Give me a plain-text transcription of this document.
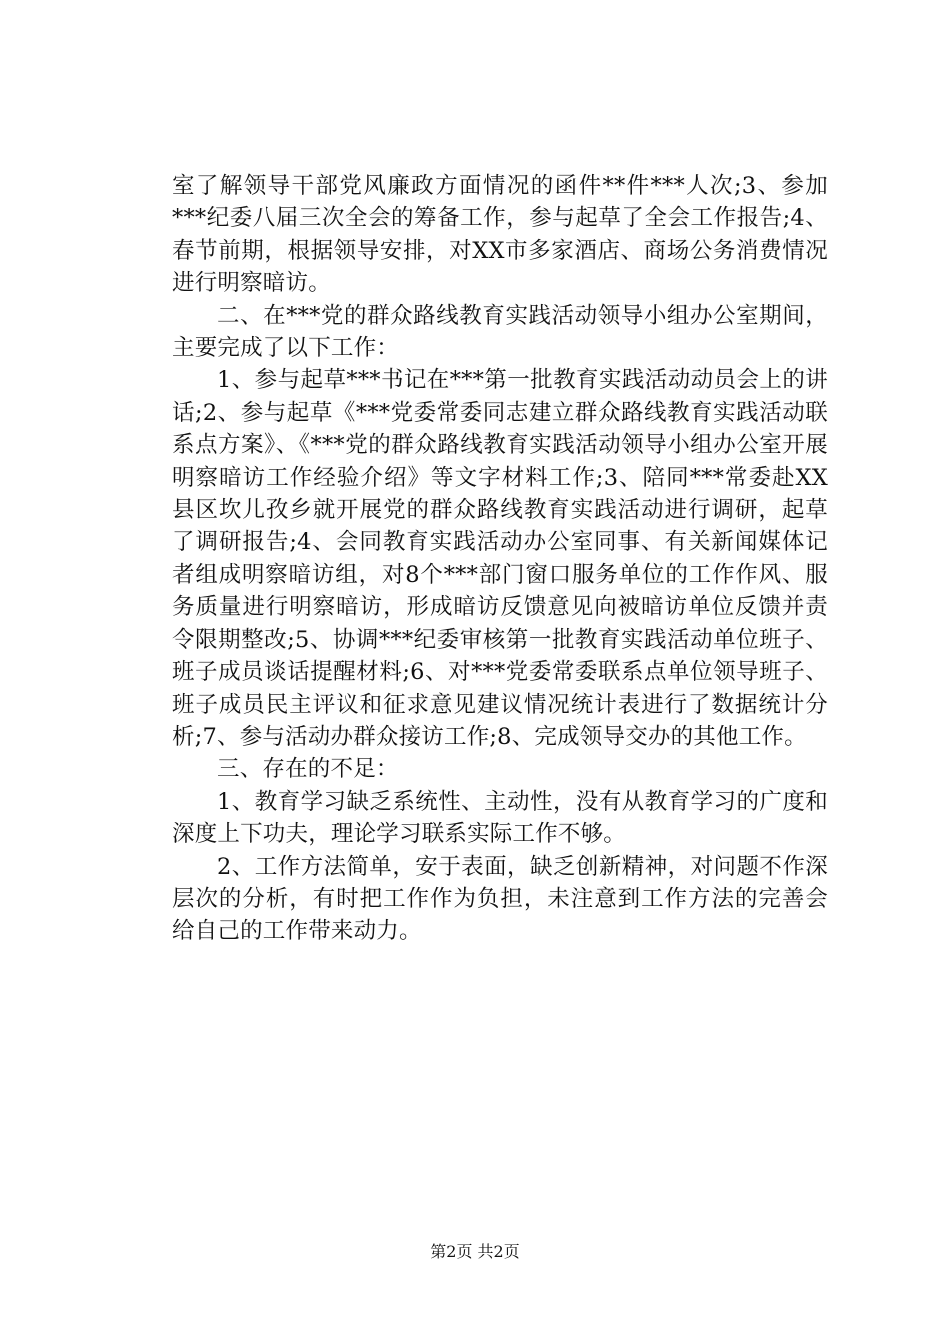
室了解领导干部党风廉政方面情况的函件**件***人次;3、参加***纪委八届三次全会的筹备工作，参与起草了全会工作报告;4、春节前期，根据领导安排，对XX市多家酒店、商场公务消费情况进行明察暗访。

二、在***党的群众路线教育实践活动领导小组办公室期间，主要完成了以下工作：

1、参与起草***书记在***第一批教育实践活动动员会上的讲话;2、参与起草《***党委常委同志建立群众路线教育实践活动联系点方案》、《***党的群众路线教育实践活动领导小组办公室开展明察暗访工作经验介绍》等文字材料工作;3、陪同***常委赴XX县区坎儿孜乡就开展党的群众路线教育实践活动进行调研，起草了调研报告;4、会同教育实践活动办公室同事、有关新闻媒体记者组成明察暗访组，对8个***部门窗口服务单位的工作作风、服务质量进行明察暗访，形成暗访反馈意见向被暗访单位反馈并责令限期整改;5、协调***纪委审核第一批教育实践活动单位班子、班子成员谈话提醒材料;6、对***党委常委联系点单位领导班子、班子成员民主评议和征求意见建议情况统计表进行了数据统计分析;7、参与活动办群众接访工作;8、完成领导交办的其他工作。

三、存在的不足：

1、教育学习缺乏系统性、主动性，没有从教育学习的广度和深度上下功夫，理论学习联系实际工作不够。

2、工作方法简单，安于表面，缺乏创新精神，对问题不作深层次的分析，有时把工作作为负担，未注意到工作方法的完善会给自己的工作带来动力。

第2页 共2页
